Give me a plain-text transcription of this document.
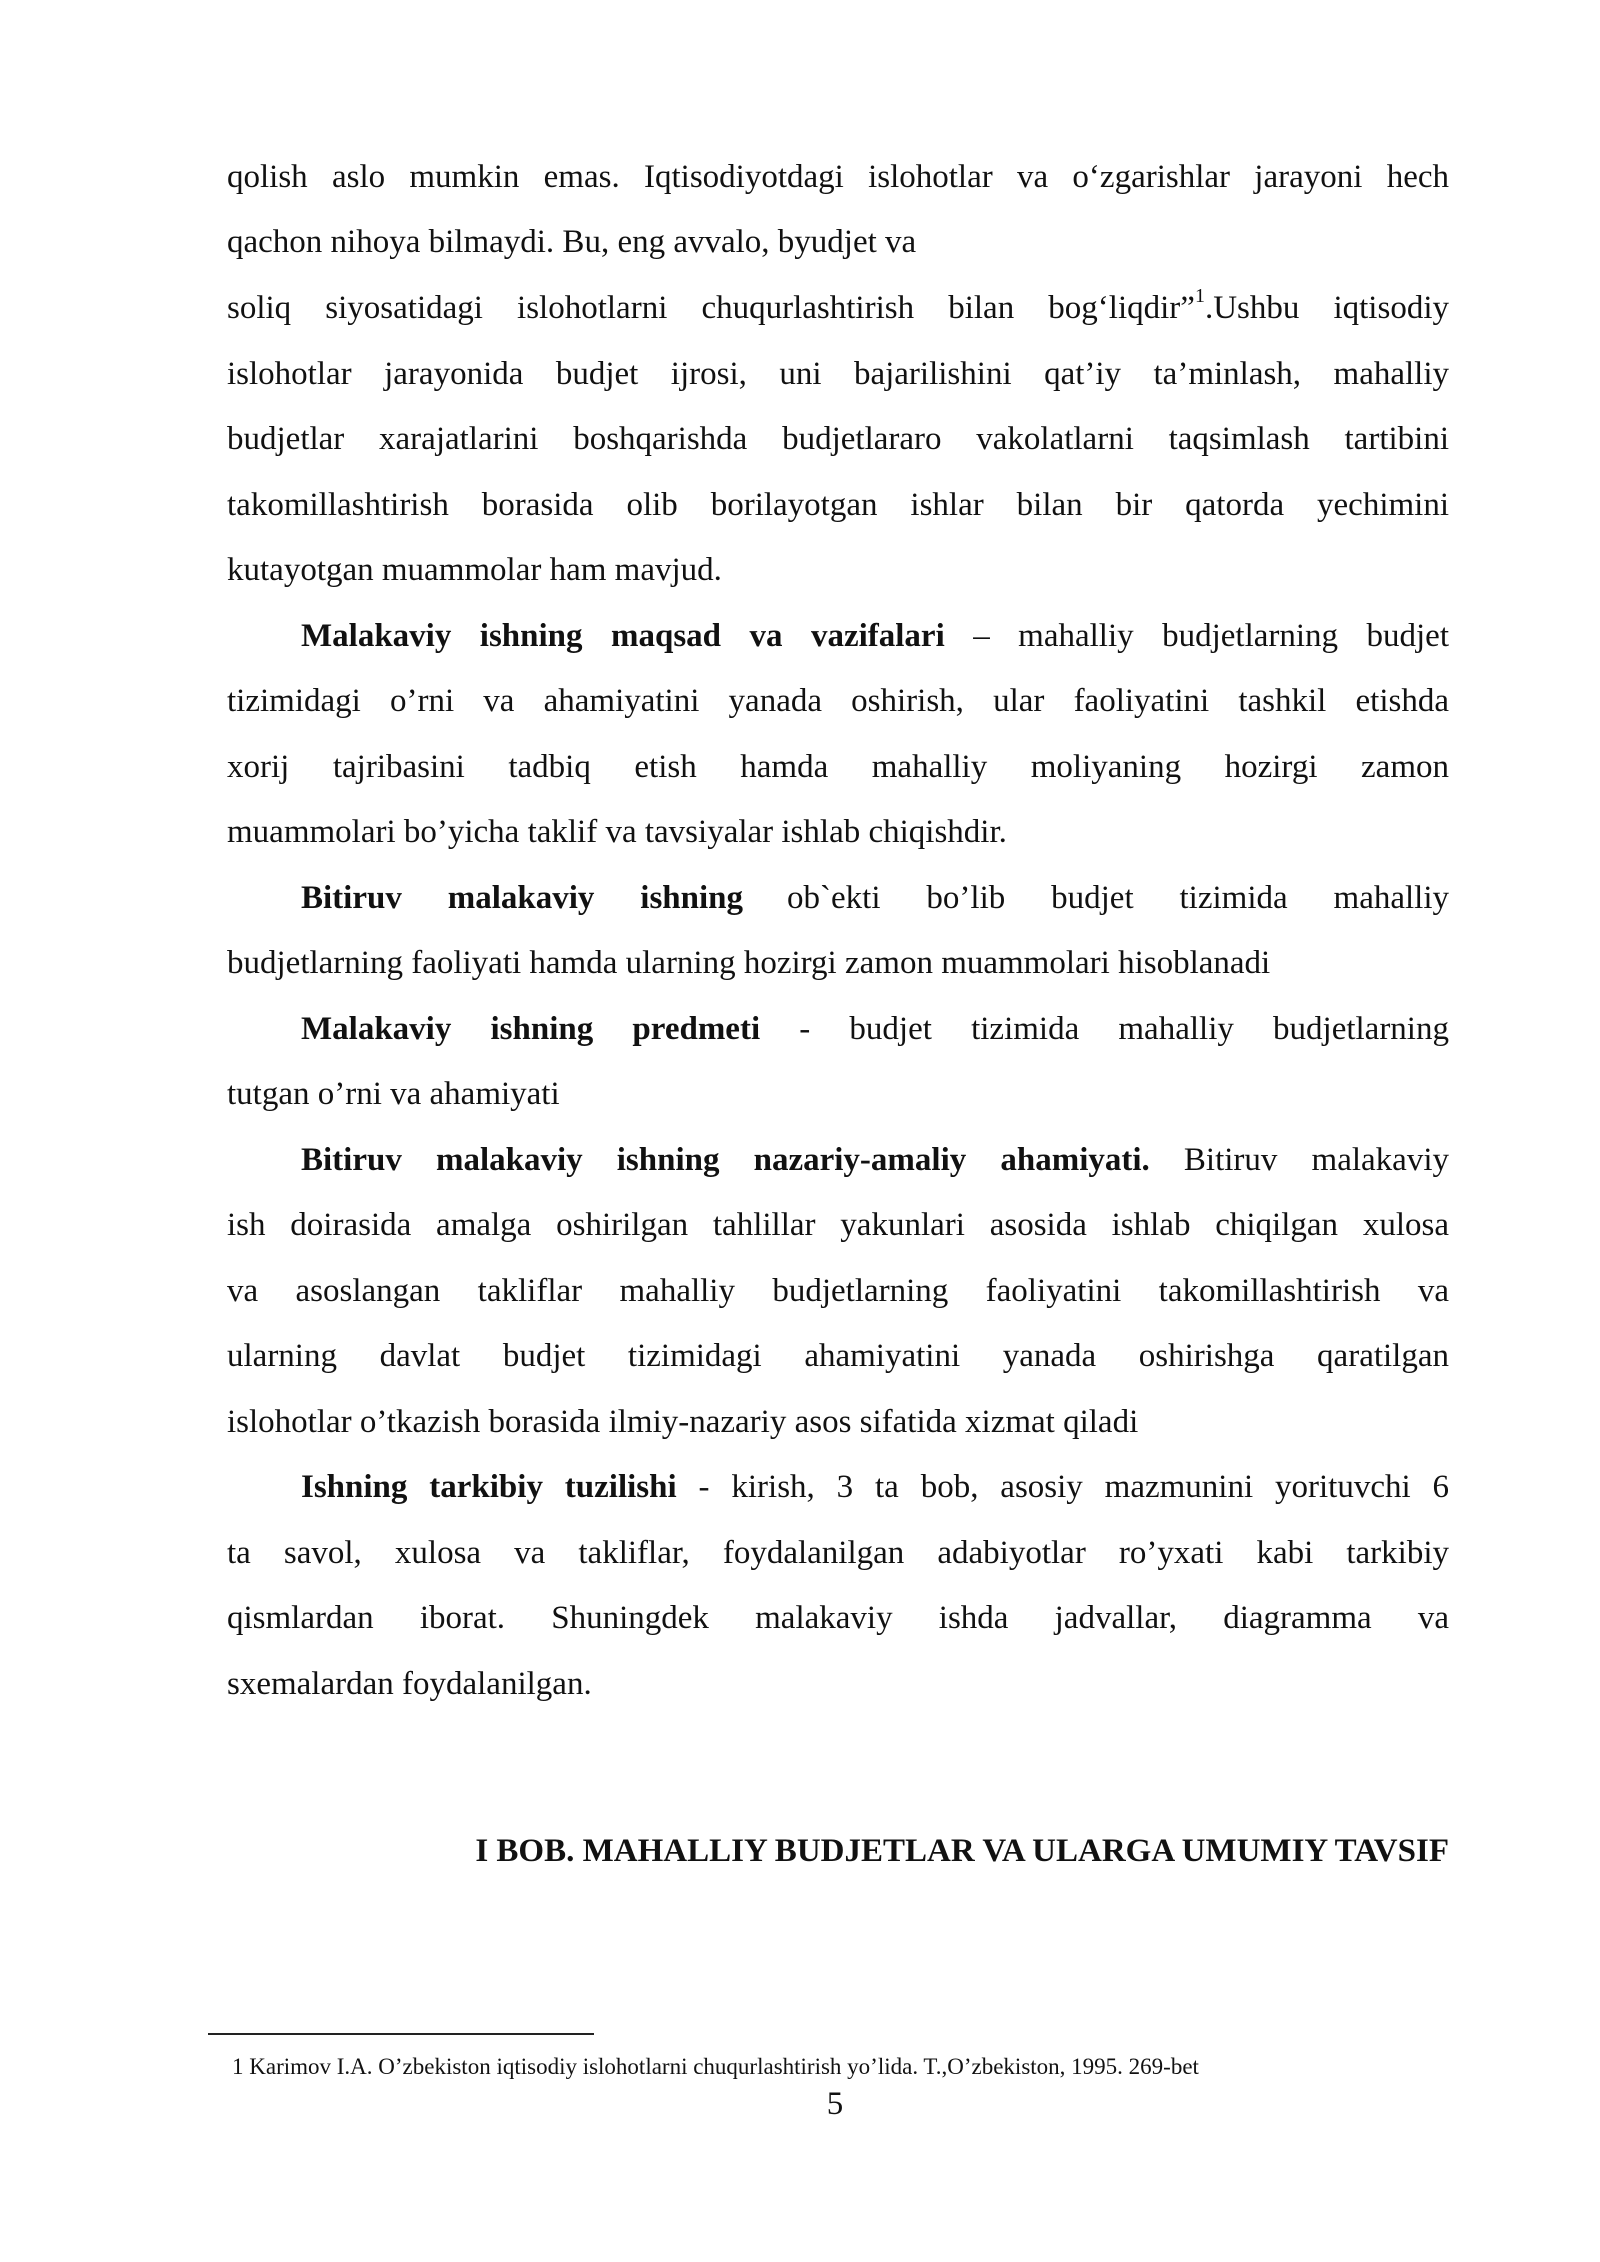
qolish aslo mumkin emas. Iqtisodiyotdagi islohotlar va o‘zgarishlar jarayoni hech
qachon nihoya bilmaydi. Bu, eng avvalo, byudjet va
soliq siyosatidagi islohotlarni chuqurlashtirish bilan bog‘liqdir”$^1$.Ushbu iqtisodiy
islohotlar jarayonida budjet ijrosi, uni bajarilishini qat’iy ta’minlash, mahalliy
budjetlar xarajatlarini boshqarishda budjetlararo vakolatlarni taqsimlash tartibini
takomillashtirish borasida olib borilayotgan ishlar bilan bir qatorda yechimini
kutayotgan muammolar ham mavjud.
Malakaviy ishning maqsad va vazifalari – mahalliy budjetlarning budjet
tizimidagi o’rni va ahamiyatini yanada oshirish, ular faoliyatini tashkil etishda
xorij tajribasini tadbiq etish hamda mahalliy moliyaning hozirgi zamon
muammolari bo’yicha taklif va tavsiyalar ishlab chiqishdir.
Bitiruv malakaviy ishning ob`ekti bo’lib budjet tizimida mahalliy
budjetlarning faoliyati hamda ularning hozirgi zamon muammolari hisoblanadi
Malakaviy ishning predmeti - budjet tizimida mahalliy budjetlarning
tutgan o’rni va ahamiyati
Bitiruv malakaviy ishning nazariy-amaliy ahamiyati. Bitiruv malakaviy
ish doirasida amalga oshirilgan tahlillar yakunlari asosida ishlab chiqilgan xulosa
va asoslangan takliflar mahalliy budjetlarning faoliyatini takomillashtirish va
ularning davlat budjet tizimidagi ahamiyatini yanada oshirishga qaratilgan
islohotlar o’tkazish borasida ilmiy-nazariy asos sifatida xizmat qiladi
Ishning tarkibiy tuzilishi - kirish, 3 ta bob, asosiy mazmunini yorituvchi 6
ta savol, xulosa va takliflar, foydalanilgan adabiyotlar ro’yxati kabi tarkibiy
qismlardan iborat. Shuningdek malakaviy ishda jadvallar, diagramma va
sxemalardan foydalanilgan.
I BOB. MAHALLIY BUDJETLAR VA ULARGA UMUMIY TAVSIF
1 Karimov I.A. O’zbekiston iqtisodiy islohotlarni chuqurlashtirish yo’lida. T.,O’zbekiston, 1995. 269-bet
5
